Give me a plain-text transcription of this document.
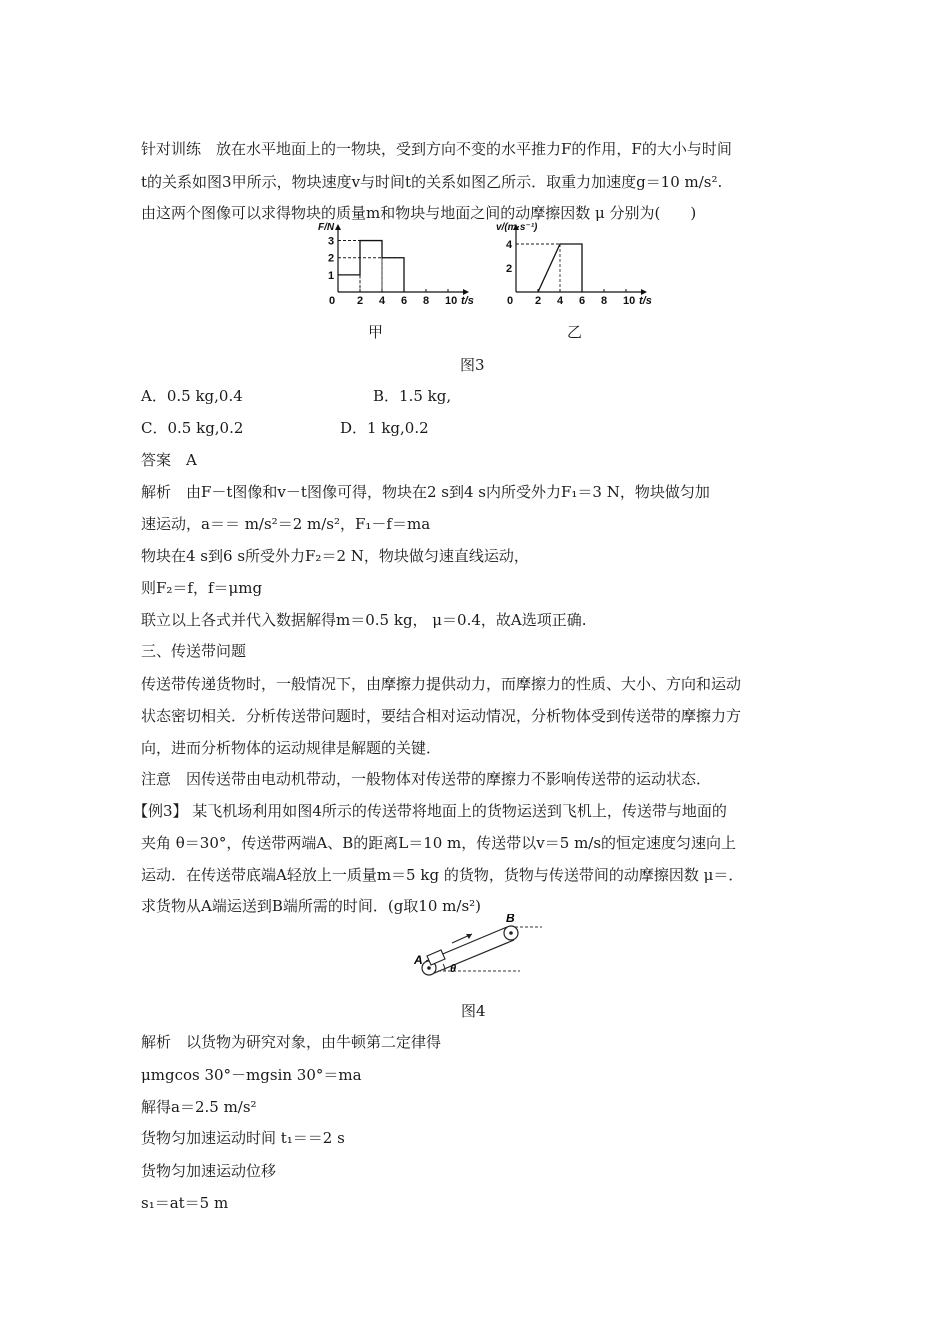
针对训练　放在水平地面上的一物块，受到方向不变的水平推力F的作用，F的大小与时间
t的关系如图3甲所示，物块速度v与时间t的关系如图乙所示．取重力加速度g＝10 m/s².
由这两个图像可以求得物块的质量m和物块与地面之间的动摩擦因数 μ 分别为(　　)
0 2 4 6 8 10
1
2
3
t/s
F/N
0 2 4 6 8 10
2
4
t/s
v/(m·s⁻¹)
甲	乙
图3
A．0.5 kg,0.4	B．1.5 kg,
C．0.5 kg,0.2	D．1 kg,0.2
答案　A
解析　由F－t图像和v－t图像可得，物块在2 s到4 s内所受外力F₁＝3 N，物块做匀加
速运动，a＝＝ m/s²＝2 m/s²，F₁－f＝ma
物块在4 s到6 s所受外力F₂＝2 N，物块做匀速直线运动，
则F₂＝f，f＝μmg
联立以上各式并代入数据解得m＝0.5 kg， μ＝0.4，故A选项正确.
三、传送带问题
传送带传递货物时，一般情况下，由摩擦力提供动力，而摩擦力的性质、大小、方向和运动
状态密切相关．分析传送带问题时，要结合相对运动情况，分析物体受到传送带的摩擦力方
向，进而分析物体的运动规律是解题的关键．
注意　因传送带由电动机带动，一般物体对传送带的摩擦力不影响传送带的运动状态．
【例3】 某飞机场利用如图4所示的传送带将地面上的货物运送到飞机上，传送带与地面的
夹角 θ＝30°，传送带两端A、B的距离L＝10 m，传送带以v＝5 m/s的恒定速度匀速向上
运动．在传送带底端A轻放上一质量m＝5 kg 的货物，货物与传送带间的动摩擦因数 μ＝．
求货物从A端运送到B端所需的时间．(g取10 m/s²)
A
B
θ
图4
解析　以货物为研究对象，由牛顿第二定律得
μmgcos 30°－mgsin 30°＝ma
解得a＝2.5 m/s²
货物匀加速运动时间 t₁＝＝2 s
货物匀加速运动位移
s₁＝at＝5 m
